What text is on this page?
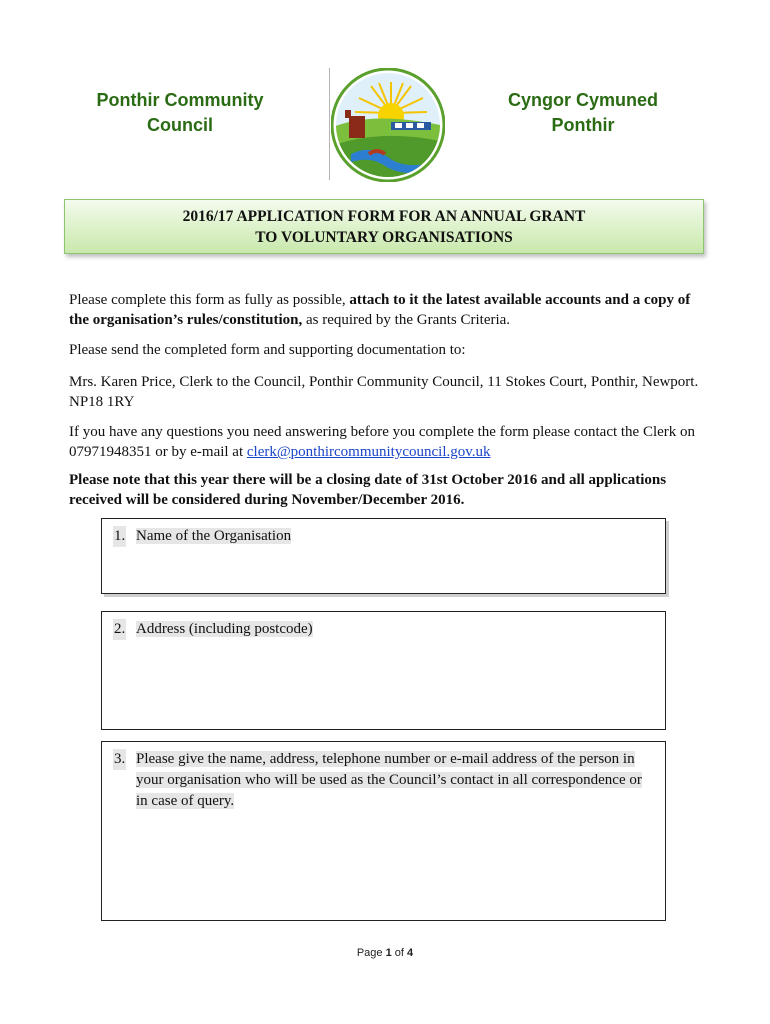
Ponthir Community Council
Cyngor Cymuned Ponthir
2016/17 APPLICATION FORM FOR AN ANNUAL GRANT
TO VOLUNTARY ORGANISATIONS
Please complete this form as fully as possible, attach to it the latest available accounts and a copy of the organisation’s rules/constitution, as required by the Grants Criteria.
Please send the completed form and supporting documentation to:
Mrs. Karen Price, Clerk to the Council, Ponthir Community Council, 11 Stokes Court, Ponthir, Newport. NP18 1RY
If you have any questions you need answering before you complete the form please contact the Clerk on 07971948351 or by e-mail at clerk@ponthircommunitycouncil.gov.uk
Please note that this year there will be a closing date of 31st October 2016 and all applications received will be considered during November/December 2016.
1. Name of the Organisation
2. Address (including postcode)
3. Please give the name, address, telephone number or e-mail address of the person in your organisation who will be used as the Council’s contact in all correspondence or in case of query.
Page 1 of 4
